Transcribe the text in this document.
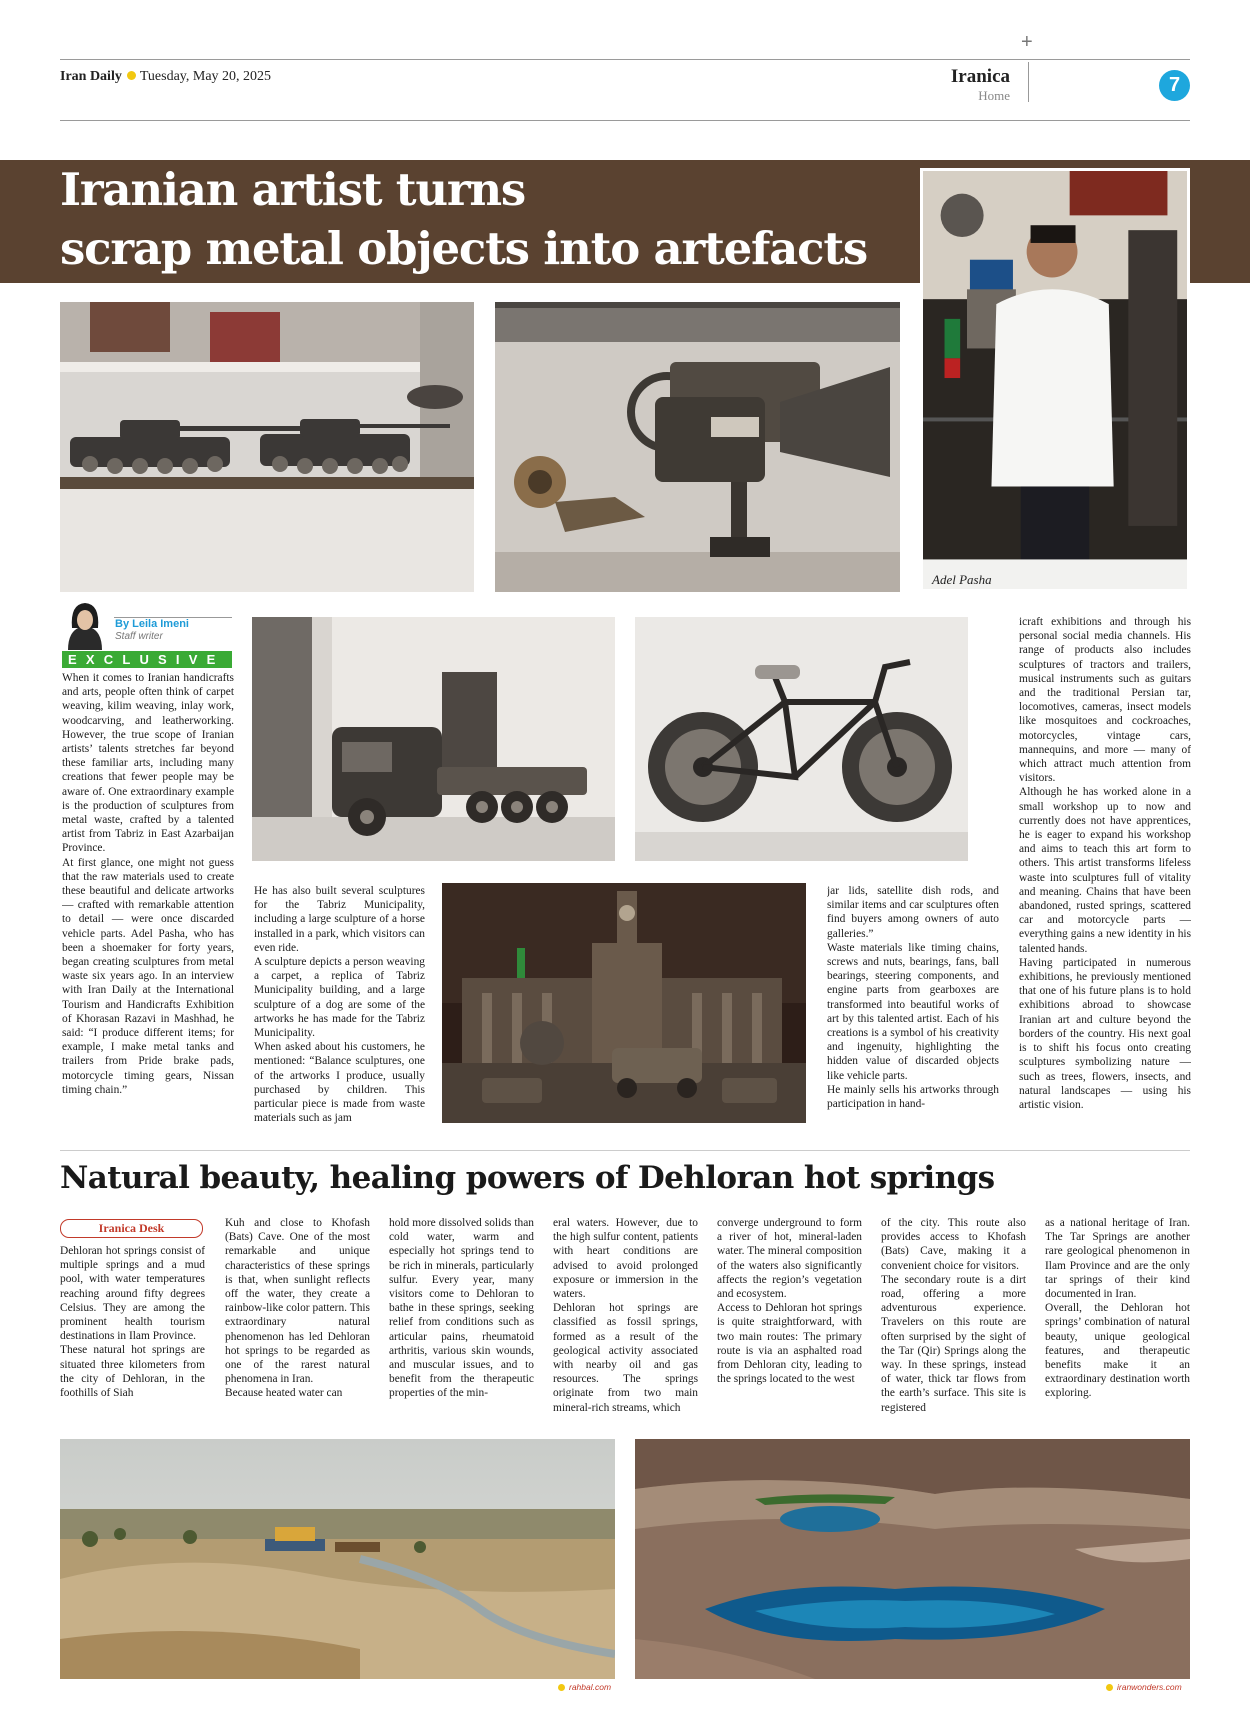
Iran Daily Tuesday, May 20, 2025	Iranica
Home
+
7
Iranian artist turns
scrap metal objects into artefacts
Adel Pasha
By Leila Imeni
Staff writer
EXCLUSIVE

When it comes to Iranian handicrafts and arts, people often think of carpet weaving, kilim weaving, inlay work, woodcarving, and leatherworking. However, the true scope of Iranian artists’ talents stretches far beyond these familiar arts, including many creations that fewer people may be aware of. One extraordinary example is the production of sculptures from metal waste, crafted by a talented artist from Tabriz in East Azarbaijan Province.

At first glance, one might not guess that the raw materials used to create these beautiful and delicate artworks — crafted with remarkable attention to detail — were once discarded vehicle parts. Adel Pasha, who has been a shoemaker for forty years, began creating sculptures from metal waste six years ago. In an interview with Iran Daily at the International Tourism and Handicrafts Exhibition of Khorasan Razavi in Mashhad, he said: “I produce different items; for example, I make metal tanks and trailers from Pride brake pads, motorcycle timing gears, Nissan timing chain.”

He has also built several sculptures for the Tabriz Municipality, including a large sculpture of a horse installed in a park, which visitors can even ride.

A sculpture depicts a person weaving a carpet, a replica of Tabriz Municipality building, and a large sculpture of a dog are some of the artworks he has made for the Tabriz Municipality.

When asked about his customers, he mentioned: “Balance sculptures, one of the artworks I produce, usually purchased by children. This particular piece is made from waste materials such as jam

jar lids, satellite dish rods, and similar items and car sculptures often find buyers among owners of auto galleries.”

Waste materials like timing chains, screws and nuts, bearings, fans, ball bearings, steering components, and engine parts from gearboxes are transformed into beautiful works of art by this talented artist. Each of his creations is a symbol of his creativity and ingenuity, highlighting the hidden value of discarded objects like vehicle parts.

He mainly sells his artworks through participation in hand-

icraft exhibitions and through his personal social media channels. His range of products also includes sculptures of tractors and trailers, musical instruments such as guitars and the traditional Persian tar, locomotives, cameras, insect models like mosquitoes and cockroaches, motorcycles, vintage cars, mannequins, and more — many of which attract much attention from visitors.

Although he has worked alone in a small workshop up to now and currently does not have apprentices, he is eager to expand his workshop and aims to teach this art form to others. This artist transforms lifeless waste into sculptures full of vitality and meaning. Chains that have been abandoned, rusted springs, scattered car and motorcycle parts — everything gains a new identity in his talented hands.

Having participated in numerous exhibitions, he previously mentioned that one of his future plans is to hold exhibitions abroad to showcase Iranian art and culture beyond the borders of the country. His next goal is to shift his focus onto creating sculptures symbolizing nature — such as trees, flowers, insects, and natural landscapes — using his artistic vision.

Natural beauty, healing powers of Dehloran hot springs
Iranica Desk

Dehloran hot springs consist of multiple springs and a mud pool, with water temperatures reaching around fifty degrees Celsius. They are among the prominent health tourism destinations in Ilam Province.

These natural hot springs are situated three kilometers from the city of Dehloran, in the foothills of Siah

Kuh and close to Khofash (Bats) Cave. One of the most remarkable and unique characteristics of these springs is that, when sunlight reflects off the water, they create a rainbow-like color pattern. This extraordinary natural phenomenon has led Dehloran hot springs to be regarded as one of the rarest natural phenomena in Iran.

Because heated water can

hold more dissolved solids than cold water, warm and especially hot springs tend to be rich in minerals, particularly sulfur. Every year, many visitors come to Dehloran to bathe in these springs, seeking relief from conditions such as articular pains, rheumatoid arthritis, various skin wounds, and muscular issues, and to benefit from the therapeutic properties of the min-

eral waters. However, due to the high sulfur content, patients with heart conditions are advised to avoid prolonged exposure or immersion in the waters.

Dehloran hot springs are classified as fossil springs, formed as a result of the geological activity associated with nearby oil and gas resources. The springs originate from two main mineral-rich streams, which

converge underground to form a river of hot, mineral-laden water. The mineral composition of the waters also significantly affects the region’s vegetation and ecosystem.

Access to Dehloran hot springs is quite straightforward, with two main routes: The primary route is via an asphalted road from Dehloran city, leading to the springs located to the west

of the city. This route also provides access to Khofash (Bats) Cave, making it a convenient choice for visitors.

The secondary route is a dirt road, offering a more adventurous experience. Travelers on this route are often surprised by the sight of the Tar (Qir) Springs along the way. In these springs, instead of water, thick tar flows from the earth’s surface. This site is registered

as a national heritage of Iran. The Tar Springs are another rare geological phenomenon in Ilam Province and are the only tar springs of their kind documented in Iran.

Overall, the Dehloran hot springs’ combination of natural beauty, unique geological features, and therapeutic benefits make it an extraordinary destination worth exploring.

rahbal.com	iranwonders.com
